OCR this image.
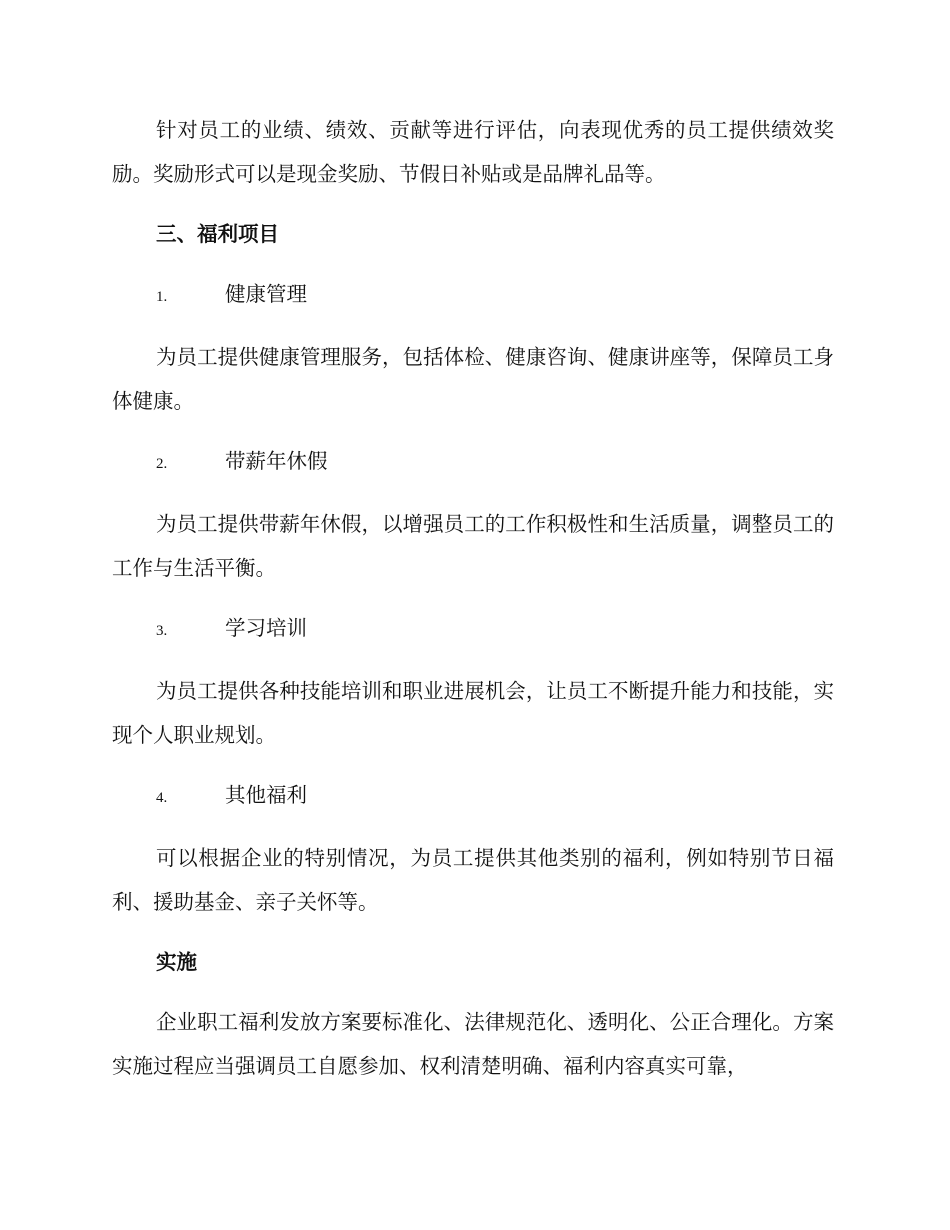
针对员工的业绩、绩效、贡献等进行评估，向表现优秀的员工提供绩效奖励。奖励形式可以是现金奖励、节假日补贴或是品牌礼品等。

三、福利项目
1.	健康管理

为员工提供健康管理服务，包括体检、健康咨询、健康讲座等，保障员工身体健康。

2.	带薪年休假

为员工提供带薪年休假，以增强员工的工作积极性和生活质量，调整员工的工作与生活平衡。

3.	学习培训

为员工提供各种技能培训和职业进展机会，让员工不断提升能力和技能，实现个人职业规划。

4.	其他福利

可以根据企业的特别情况，为员工提供其他类别的福利，例如特别节日福利、援助基金、亲子关怀等。

实施

企业职工福利发放方案要标准化、法律规范化、透明化、公正合理化。方案实施过程应当强调员工自愿参加、权利清楚明确、福利内容真实可靠，
